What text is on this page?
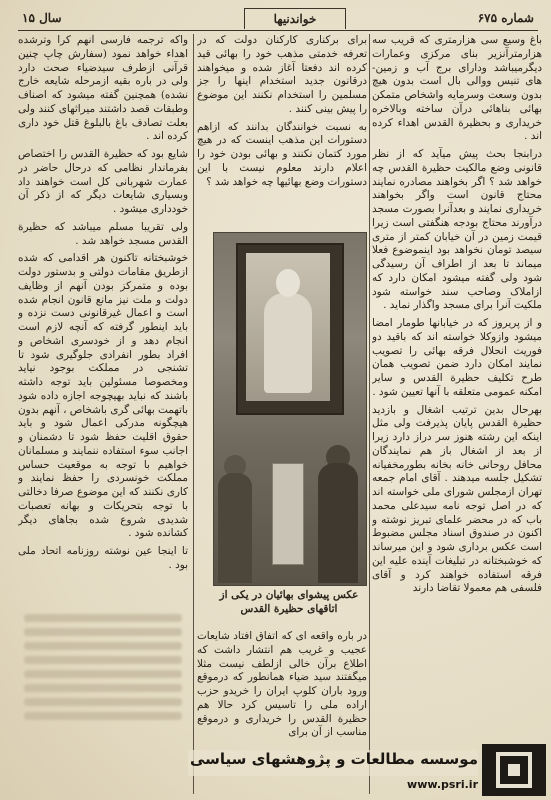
سال ۱۵	خواندنیها	شماره ۶۷۵

باغ وسیع سی هزارمتری که قریب سه هزارمترآنزیر بنای مرکزی وعمارات دیگرمیباشد ودارای برج آب و زمین- های تنیس ووالی بال است بدون هیچ بدون وسعت وسرمایه واشخاص متمکن بهائی بناهائی درآن ساخته وبالاخره خریداری و بحظیرة القدس اهداء کرده اند .

درابنجا بحث پیش میآید که از نظر قانونی وضع مالکیت حظیرة القدس چه خواهد شد ؟ اگر بخواهند مصادره نمایند محتاج قانون است واگر بخواهند خریداری نمایند و بعدآنرا بصورت مسجد درآورند محتاج بودجه هنگفتی است زیرا قیمت زمین در آن خیابان کمتر از متری سیصد تومان نخواهد بود اینموضوع فعلا میماند تا بعد از اطراف آن رسیدگی شود ولی گفته میشود امکان دارد که ازاملاک وصاحب سند خواسته شود ملکیت آنرا برای مسجد واگذار نماید .

و از پریروز که در خیابانها طومار امضا میشود وازوکلا خواسته اند که باقید دو فوریت انحلال فرقه بهائی را تصویب نمایند امکان دارد ضمن تصویب همان طرح تکلیف حظیرة القدس و سایر امکنه عمومی متعلقه با آنها تعیین شود .

بهرحال بدین ترتیب اشغال و بازدید حظیرة القدس پایان پذیرفت ولی مثل اینکه این رشته هنوز سر دراز دارد زیرا از بعد از اشغال باز هم نمایندگان محافل روحانی خانه بخانه بطورمخفیانه تشکیل جلسه میدهند . آقای امام جمعه تهران ازمجلس شورای ملی خواسته اند که در اصل توجه نامه سیدعلی محمد باب که در محضر علمای تبریز نوشته و اکنون در صندوق اسناد مجلس مضبوط است عکس برداری شود و این میرساند که خوشبختانه در تبلیغات آینده علیه این فرقه استفاده خواهند کرد و آقای فلسفی هم معمولا تقاضا دارند

برای برکناری کارکنان دولت که در تعرفه خدمتی مذهب خود را بهائی قید کرده اند دفعتا آغاز شده و میخواهند درقانون جدید استخدام اینها را جز مسلمین را استخدام نکنند این موضوع را پیش بینی کنند .

به نسبت خوانندگان بدانند که ازاهم دستورات این مذهب اینست که در هیچ مورد کتمان نکنند و بهائی بودن خود را اعلام دارند معلوم نیست با این دستورات وضع بهائیها چه خواهد شد ؟

عکس پیشوای بهائیان در یکی از اتاقهای حظیرة القدس

در باره واقعه ای که اتفاق افتاد شایعات عجیب و غریب هم انتشار داشت که اطلاع برآن خالی ازلطف نیست مثلا میگفتند سید ضیاء همانطور که درموقع ورود باران کلوپ ایران را خریدو حزب اراده ملی را تاسیس کرد حالا هم حظیرة القدس را خریداری و درموقع مناسب از آن برای

واکه ترجمه فارسی آنهم کرا وترشده اهداء خواهد نمود (سفارش چاپ چنین قرآنی ازطرف سیدضیاء صحت دارد ولی در باره بقیه ازمرحله شایعه خارج نشده) همچنین گفته میشود که اصناف وطبقات قصد داشتند میراثهای کنند ولی بعلت تصادف باغ بالبلوغ قتل خود داری کرده اند .

شایع بود که حظیرة القدس را اختصاص بفرماندار نظامی که درحال حاضر در عمارت شهربانی کل است خواهند داد وبسیاری شایعات دیگر که از ذکر آن خودداری میشود .

ولی تقریبا مسلم میباشد که حظیرة القدس مسجد خواهد شد .

خوشبختانه تاکنون هر اقدامی که شده ازطریق مقامات دولتی و بدستور دولت بوده و متمرکز بودن آنهم از وظایف دولت و ملت نیز مانع قانون انجام شده است و اعمال غیرقانونی دست نزده و باید اینطور گرفته که آنچه لازم است انجام دهد و از خودسری اشخاص و افراد بطور انفرادی جلوگیری شود تا تشنجی در مملکت بوجود نیاید ومخصوصا مسئولین باید توجه داشته باشند که نباید بهیچوجه اجازه داده شود باتهمت بهائی گری باشخاص ، آنهم بدون هیچگونه مدرکی اعمال شود و باید حقوق اقلیت حفظ شود تا دشمنان و اجانب سوء استفاده ننمایند و مسلمانان خواهیم با توجه به موقعیت حساس مملکت خونسردی را حفظ نمایند و کاری نکنند که این موضوع صرفا دخالتی با توجه بتحریکات و بهانه تعصبات شدیدی شروع شده بجاهای دیگر کشانده شود .

تا اینجا عین نوشته روزنامه اتحاد ملی بود .

موسسه مطالعات و پژوهشهای سیاسی
www.psri.ir
